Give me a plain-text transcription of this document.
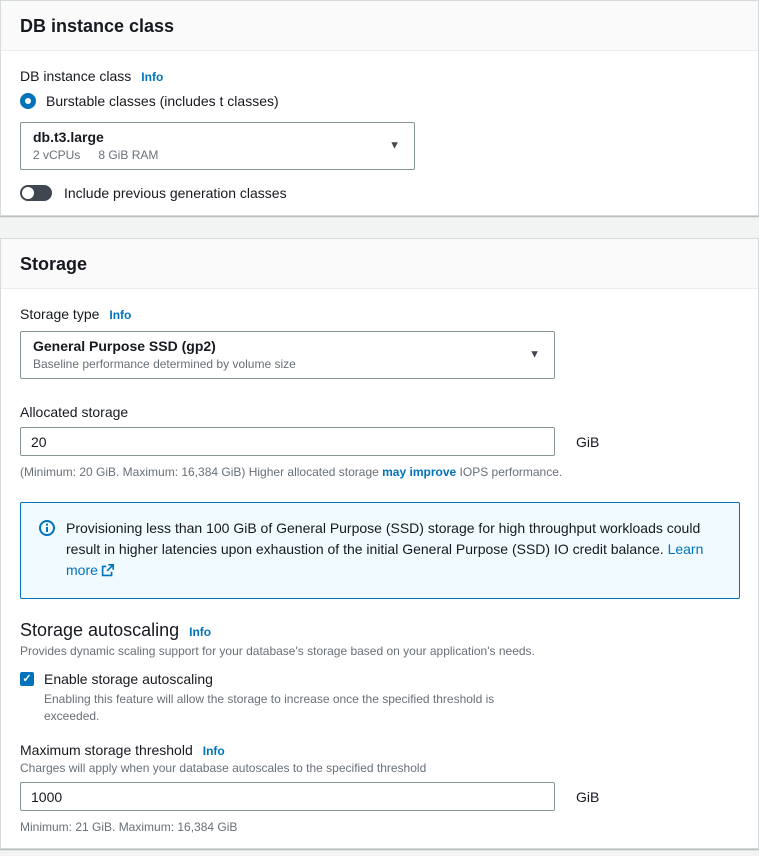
DB instance class
DB instance class Info
Burstable classes (includes t classes)
db.t3.large
2 vCPUs 8 GiB RAM
▼
Include previous generation classes
Storage
Storage type Info
General Purpose SSD (gp2)
Baseline performance determined by volume size
▼
Allocated storage
20
GiB
(Minimum: 20 GiB. Maximum: 16,384 GiB) Higher allocated storage may improve IOPS performance.
Provisioning less than 100 GiB of General Purpose (SSD) storage for high throughput workloads could result in higher latencies upon exhaustion of the initial General Purpose (SSD) IO credit balance. Learn more
Storage autoscaling Info
Provides dynamic scaling support for your database's storage based on your application's needs.
✓ Enable storage autoscaling
Enabling this feature will allow the storage to increase once the specified threshold is exceeded.
Maximum storage threshold Info
Charges will apply when your database autoscales to the specified threshold
1000
GiB
Minimum: 21 GiB. Maximum: 16,384 GiB
